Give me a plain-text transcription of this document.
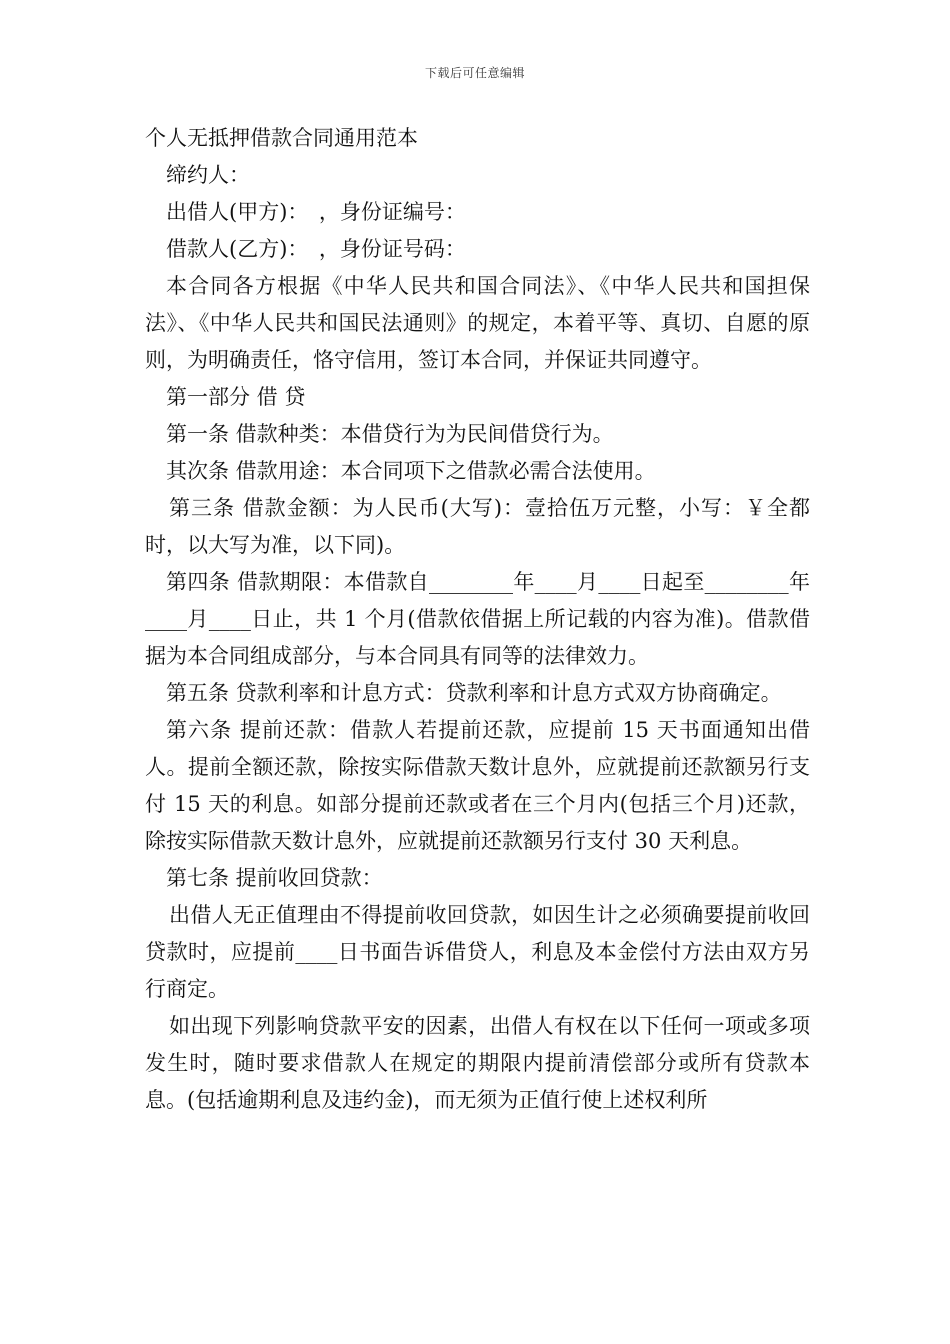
下载后可任意编辑
个人无抵押借款合同通用范本

缔约人：

出借人(甲方)：　，身份证编号：

借款人(乙方)：　，身份证号码：

本合同各方根据《中华人民共和国合同法》、《中华人民共和国担保法》、《中华人民共和国民法通则》的规定，本着平等、真切、自愿的原则，为明确责任，恪守信用，签订本合同，并保证共同遵守。

第一部分 借 贷

第一条 借款种类：本借贷行为为民间借贷行为。

其次条 借款用途：本合同项下之借款必需合法使用。

第三条 借款金额：为人民币(大写)：壹拾伍万元整，小写：￥全都时，以大写为准，以下同)。

第四条 借款期限：本借款自________年____月____日起至________年____月____日止，共 1 个月(借款依借据上所记载的内容为准)。借款借据为本合同组成部分，与本合同具有同等的法律效力。

第五条 贷款利率和计息方式：贷款利率和计息方式双方协商确定。

第六条 提前还款：借款人若提前还款，应提前 15 天书面通知出借人。提前全额还款，除按实际借款天数计息外，应就提前还款额另行支付 15 天的利息。如部分提前还款或者在三个月内(包括三个月)还款，除按实际借款天数计息外，应就提前还款额另行支付 30 天利息。

第七条 提前收回贷款：

出借人无正值理由不得提前收回贷款，如因生计之必须确要提前收回贷款时，应提前____日书面告诉借贷人，利息及本金偿付方法由双方另行商定。

如出现下列影响贷款平安的因素，出借人有权在以下任何一项或多项发生时，随时要求借款人在规定的期限内提前清偿部分或所有贷款本息。(包括逾期利息及违约金)，而无须为正值行使上述权利所
